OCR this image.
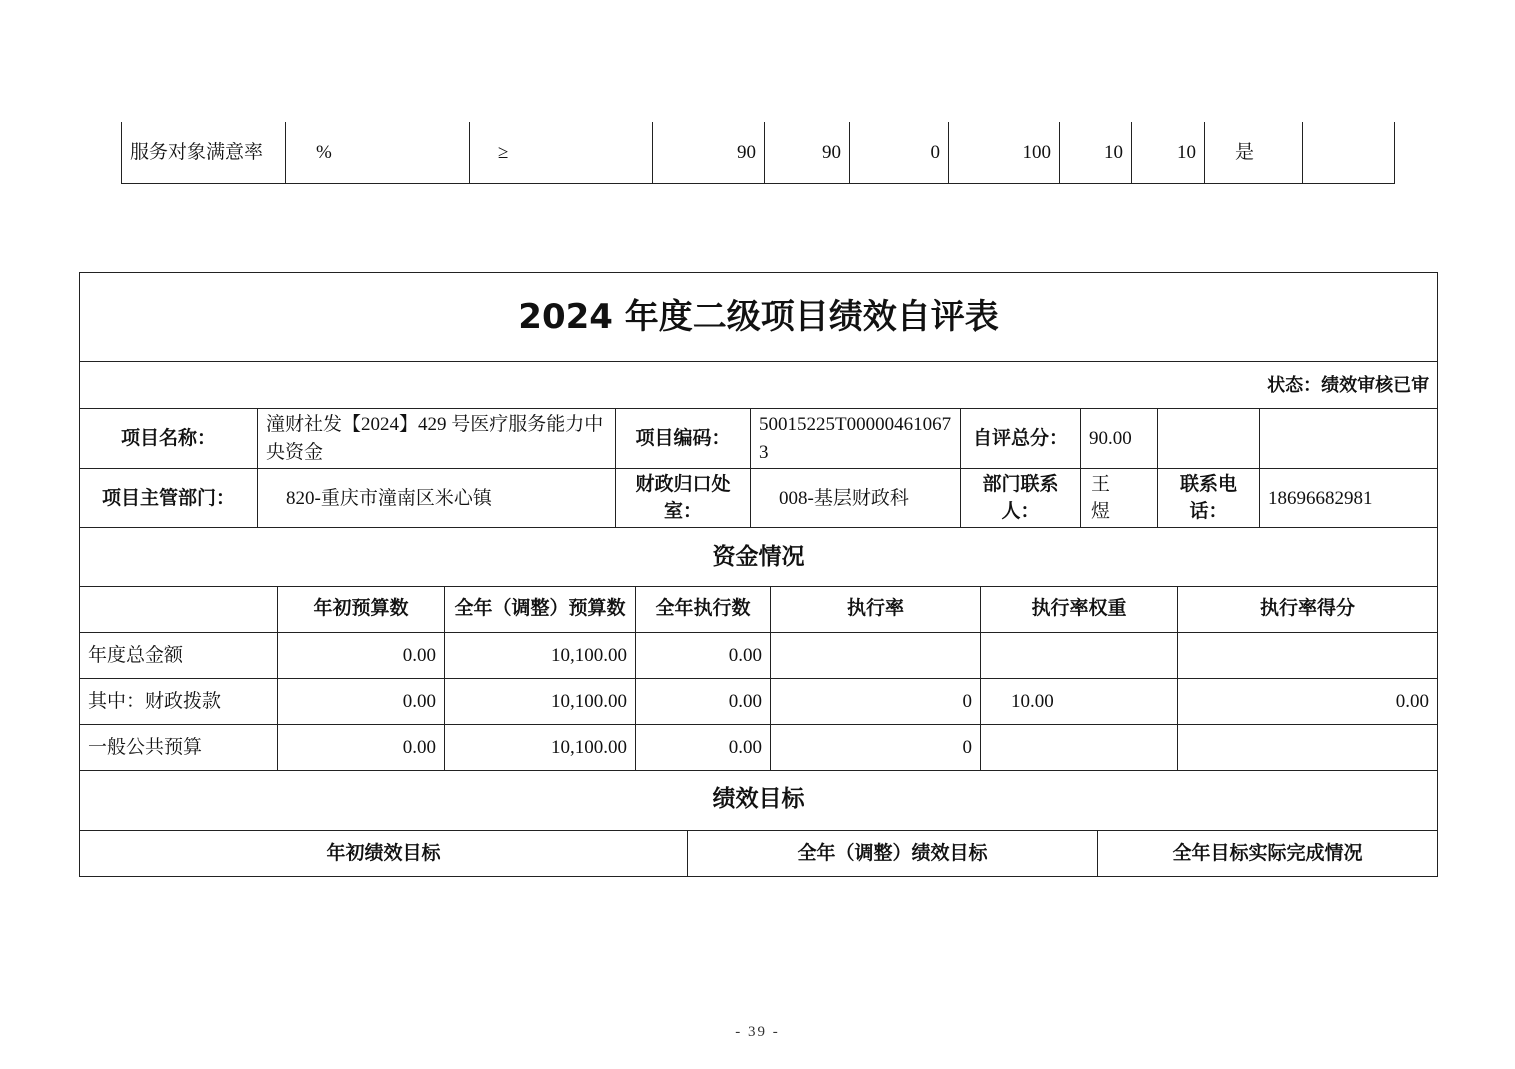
服务对象满意率	%	≥	90	90	0	100	10	10	是	
2024 年度二级项目绩效自评表							
状态：绩效审核已审							
项目名称：	潼财社发【2024】429 号医疗服务能力中央资金	项目编码：	50015225T000004610673	自评总分：	90.00		
项目主管部门：	820-重庆市潼南区米心镇	财政归口处室：	008-基层财政科	部门联系人：	王煜	联系电话：	18696682981
资金情况							
	年初预算数	全年（调整）预算数	全年执行数	执行率	执行率权重	执行率得分
年度总金额	0.00	10,100.00	0.00			
其中：财政拨款	0.00	10,100.00	0.00	0	10.00	0.00
一般公共预算	0.00	10,100.00	0.00	0		
绩效目标
年初绩效目标	全年（调整）绩效目标	全年目标实际完成情况
- 39 -
